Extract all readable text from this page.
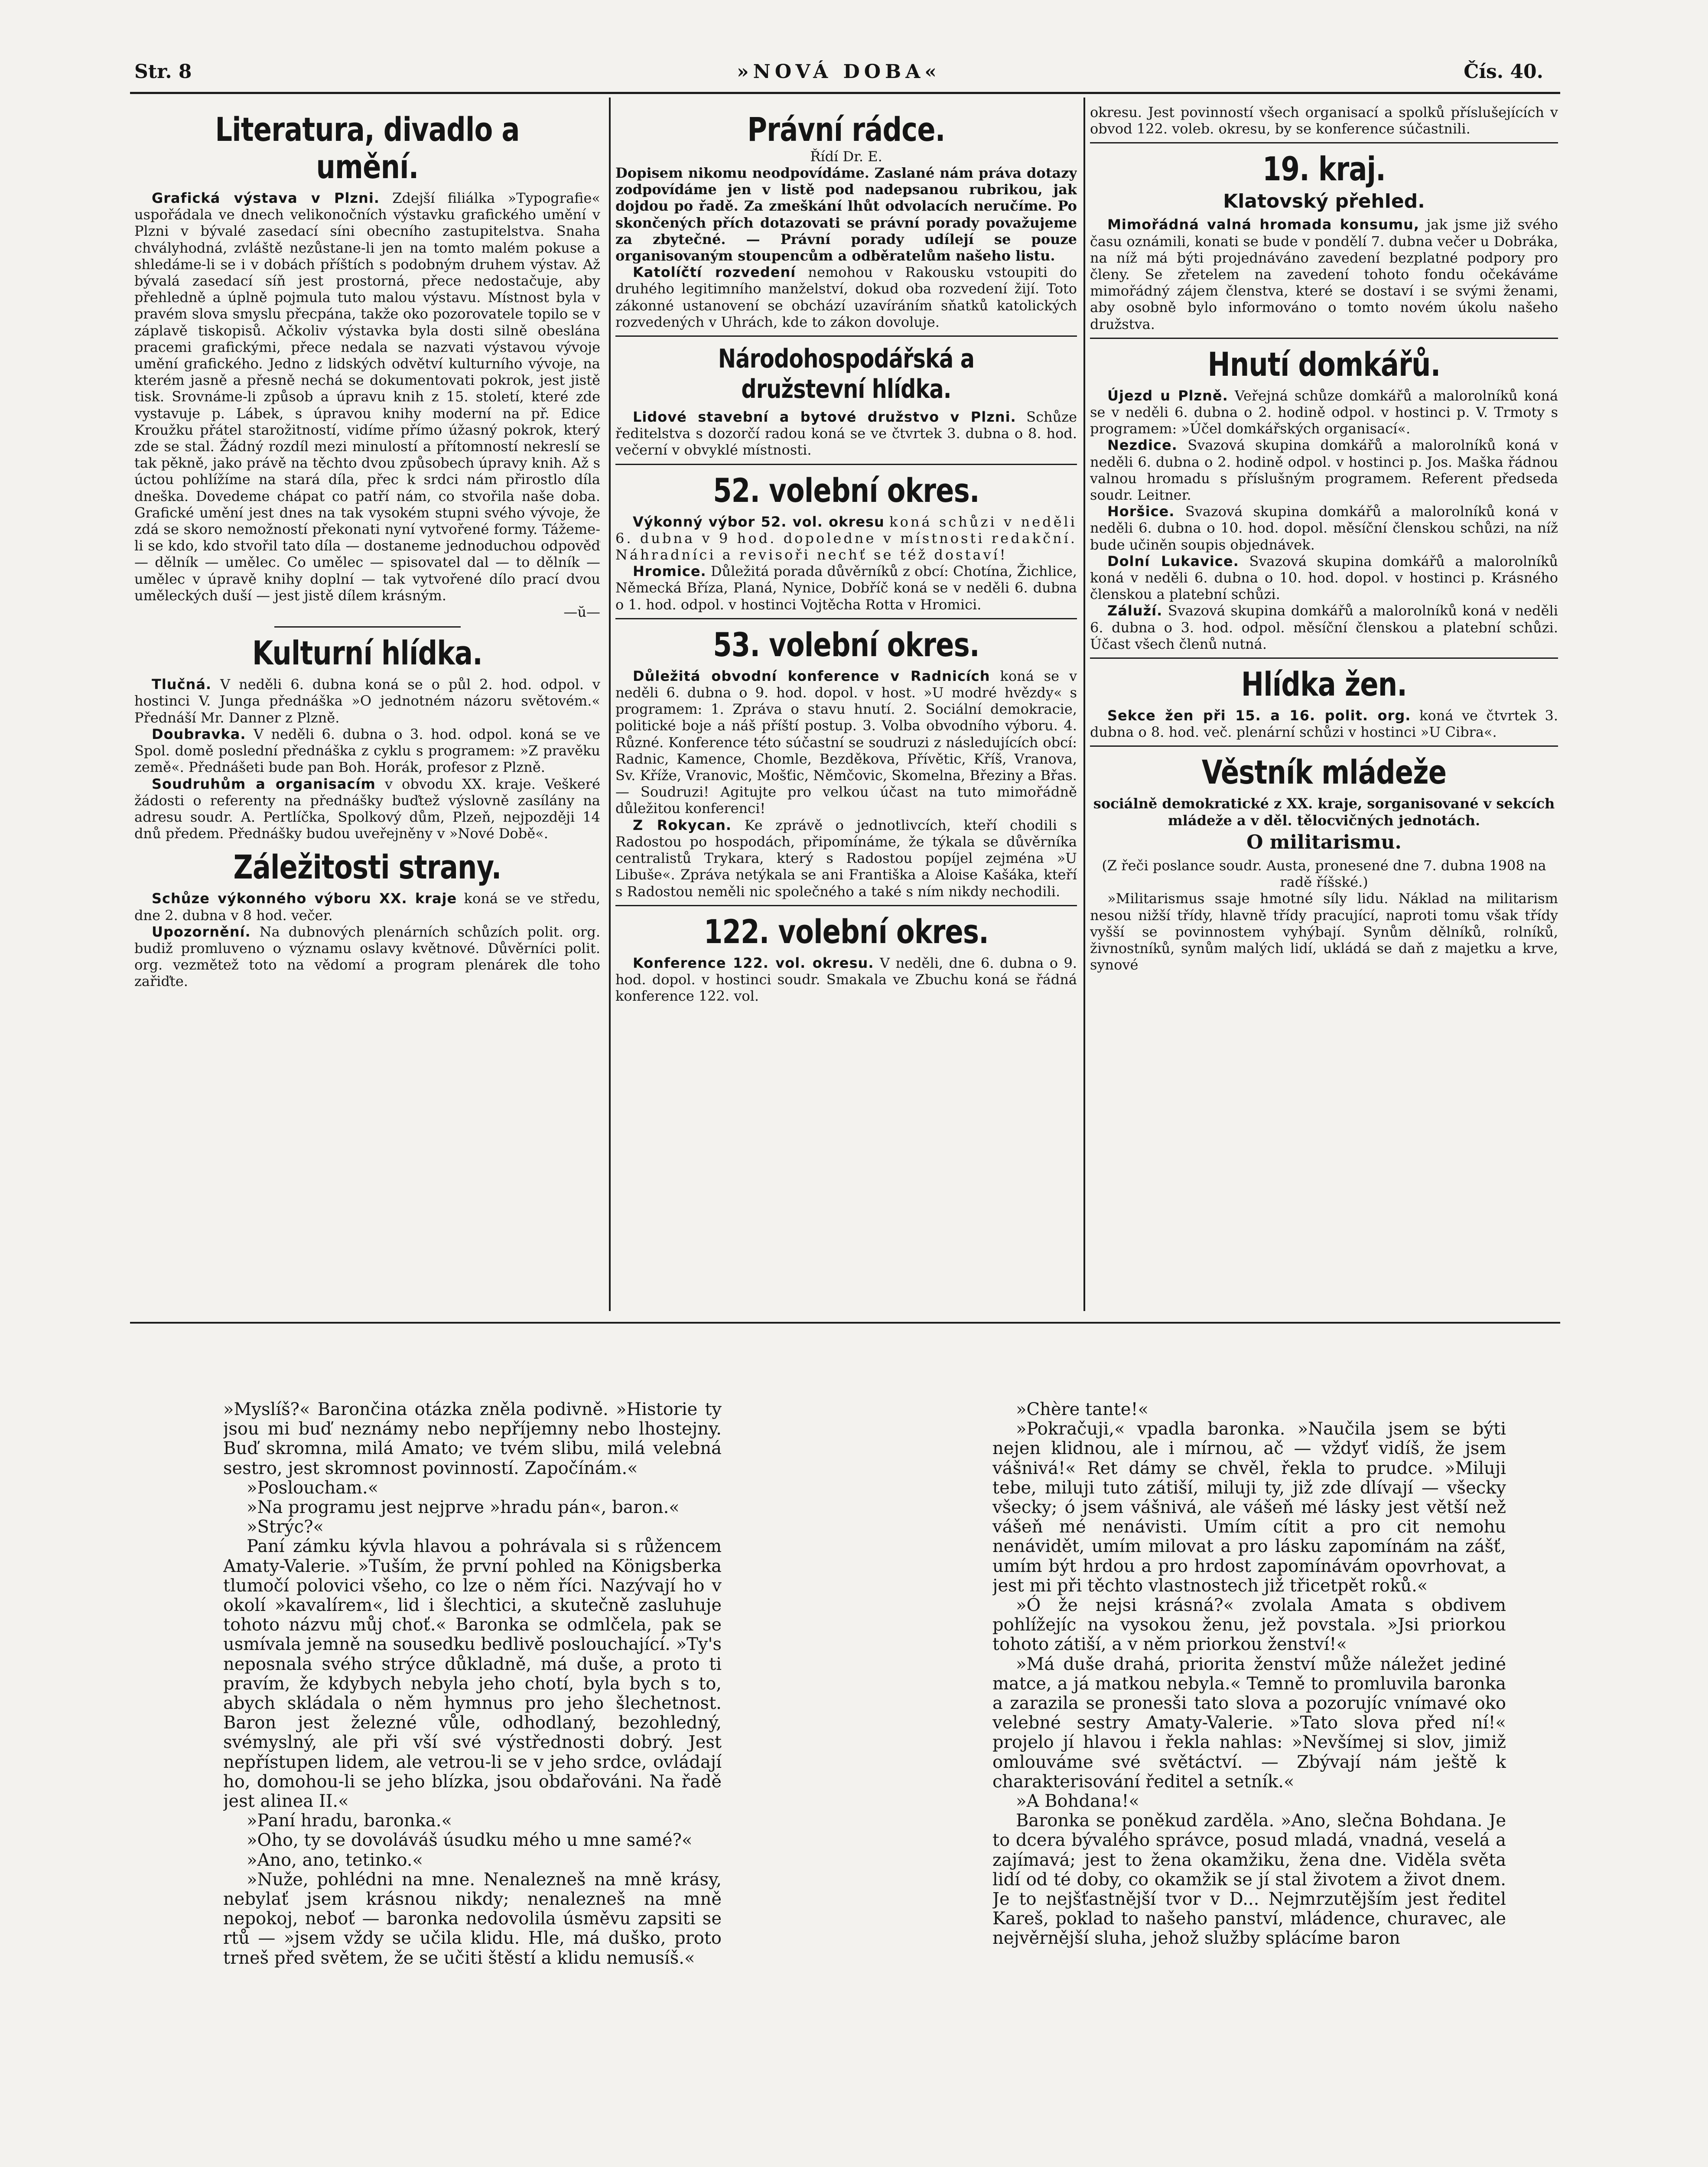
Str. 8	»NOVÁ DOBA«	Čís. 40.
Literatura, divadlo a umění.

Grafická výstava v Plzni. Zdejší filiálka »Typografie« uspořádala ve dnech velikonočních výstavku grafického umění v Plzni v bývalé zasedací síni obecního zastupitelstva. Snaha chvályhodná, zvláště nezůstane-li jen na tomto malém pokuse a shledáme-li se i v dobách příštích s podobným druhem výstav. Až bývalá zasedací síň jest prostorná, přece nedostačuje, aby přehledně a úplně pojmula tuto malou výstavu. Místnost byla v pravém slova smyslu přecpána, takže oko pozorovatele topilo se v záplavě tiskopisů. Ačkoliv výstavka byla dosti silně obeslána pracemi grafickými, přece nedala se nazvati výstavou vývoje umění grafického. Jedno z lidských odvětví kulturního vývoje, na kterém jasně a přesně nechá se dokumentovati pokrok, jest jistě tisk. Srovnáme-li způsob a úpravu knih z 15. století, které zde vystavuje p. Lábek, s úpravou knihy moderní na př. Edice Kroužku přátel starožitností, vidíme přímo úžasný pokrok, který zde se stal. Žádný rozdíl mezi minulostí a přítomností nekreslí se tak pěkně, jako právě na těchto dvou způsobech úpravy knih. Až s úctou pohlížíme na stará díla, přec k srdci nám přirostlo díla dneška. Dovedeme chápat co patří nám, co stvořila naše doba. Grafické umění jest dnes na tak vysokém stupni svého vývoje, že zdá se skoro nemožností překonati nyní vytvořené formy. Tážeme-li se kdo, kdo stvořil tato díla — dostaneme jednoduchou odpověď — dělník — umělec. Co umělec — spisovatel dal — to dělník — umělec v úpravě knihy doplní — tak vytvořené dílo prací dvou uměleckých duší — jest jistě dílem krásným.

—ŭ—

Kulturní hlídka.

Tlučná. V neděli 6. dubna koná se o půl 2. hod. odpol. v hostinci V. Junga přednáška »O jednotném názoru světovém.« Přednáší Mr. Danner z Plzně.

Doubravka. V neděli 6. dubna o 3. hod. odpol. koná se ve Spol. domě poslední přednáška z cyklu s programem: »Z pravěku země«. Přednášeti bude pan Boh. Horák, profesor z Plzně.

Soudruhům a organisacím v obvodu XX. kraje. Veškeré žádosti o referenty na přednášky buďtež výslovně zasílány na adresu soudr. A. Pertlíčka, Spolkový dům, Plzeň, nejpozději 14 dnů předem. Přednášky budou uveřejněny v »Nové Době«.

Záležitosti strany.

Schůze výkonného výboru XX. kraje koná se ve středu, dne 2. dubna v 8 hod. večer.

Upozornění. Na dubnových plenárních schůzích polit. org. budiž promluveno o významu oslavy květnové. Důvěrníci polit. org. vezmětež toto na vědomí a program plenárek dle toho zařiďte.

Právní rádce.
Řídí Dr. E.

Dopisem nikomu neodpovídáme. Zaslané nám práva dotazy zodpovídáme jen v listě pod nadepsanou rubrikou, jak dojdou po řadě. Za zmeškání lhůt odvolacích neručíme. Po skončených přích dotazovati se právní porady považujeme za zbytečné. — Právní porady udílejí se pouze organisovaným stoupencům a odběratelům našeho listu.

Katolíčtí rozvedení nemohou v Rakousku vstoupiti do druhého legitimního manželství, dokud oba rozvedení žijí. Toto zákonné ustanovení se obchází uzavíráním sňatků katolických rozvedených v Uhrách, kde to zákon dovoluje.

Národohospodářská a družstevní hlídka.

Lidové stavební a bytové družstvo v Plzni. Schůze ředitelstva s dozorčí radou koná se ve čtvrtek 3. dubna o 8. hod. večerní v obvyklé místnosti.

52. volební okres.

Výkonný výbor 52. vol. okresu koná schůzi v neděli 6. dubna v 9 hod. dopoledne v místnosti redakční. Náhradníci a revisoři nechť se též dostaví!

Hromice. Důležitá porada důvěrníků z obcí: Chotína, Žichlice, Německá Bříza, Planá, Nynice, Dobříč koná se v neděli 6. dubna o 1. hod. odpol. v hostinci Vojtěcha Rotta v Hromici.

53. volební okres.

Důležitá obvodní konference v Radnicích koná se v neděli 6. dubna o 9. hod. dopol. v host. »U modré hvězdy« s programem: 1. Zpráva o stavu hnutí. 2. Sociální demokracie, politické boje a náš příští postup. 3. Volba obvodního výboru. 4. Různé. Konference této súčastní se soudruzi z následujících obcí: Radnic, Kamence, Chomle, Bezděkova, Přívětic, Kříš, Vranova, Sv. Kříže, Vranovic, Mošťic, Němčovic, Skomelna, Březiny a Břas. — Soudruzi! Agitujte pro velkou účast na tuto mimořádně důležitou konferenci!

Z Rokycan. Ke zprávě o jednotlivcích, kteří chodili s Radostou po hospodách, připomínáme, že týkala se důvěrníka centralistů Trykara, který s Radostou popíjel zejména »U Libuše«. Zpráva netýkala se ani Františka a Aloise Kašáka, kteří s Radostou neměli nic společného a také s ním nikdy nechodili.

122. volební okres.

Konference 122. vol. okresu. V neděli, dne 6. dubna o 9. hod. dopol. v hostinci soudr. Smakala ve Zbuchu koná se řádná konference 122. vol.

okresu. Jest povinností všech organisací a spolků příslušejících v obvod 122. voleb. okresu, by se konference súčastnili.

19. kraj.
Klatovský přehled.

Mimořádná valná hromada konsumu, jak jsme již svého času oznámili, konati se bude v pondělí 7. dubna večer u Dobráka, na níž má býti projednáváno zavedení bezplatné podpory pro členy. Se zřetelem na zavedení tohoto fondu očekáváme mimořádný zájem členstva, které se dostaví i se svými ženami, aby osobně bylo informováno o tomto novém úkolu našeho družstva.

Hnutí domkářů.

Újezd u Plzně. Veřejná schůze domkářů a malorolníků koná se v neděli 6. dubna o 2. hodině odpol. v hostinci p. V. Trmoty s programem: »Účel domkářských organisací«.

Nezdice. Svazová skupina domkářů a malorolníků koná v neděli 6. dubna o 2. hodině odpol. v hostinci p. Jos. Maška řádnou valnou hromadu s příslušným programem. Referent předseda soudr. Leitner.

Horšice. Svazová skupina domkářů a malorolníků koná v neděli 6. dubna o 10. hod. dopol. měsíční členskou schůzi, na níž bude učiněn soupis objednávek.

Dolní Lukavice. Svazová skupina domkářů a malorolníků koná v neděli 6. dubna o 10. hod. dopol. v hostinci p. Krásného členskou a platební schůzi.

Záluží. Svazová skupina domkářů a malorolníků koná v neděli 6. dubna o 3. hod. odpol. měsíční členskou a platební schůzi. Účast všech členů nutná.

Hlídka žen.

Sekce žen při 15. a 16. polit. org. koná ve čtvrtek 3. dubna o 8. hod. več. plenární schůzi v hostinci »U Cibra«.

Věstník mládeže

sociálně demokratické z XX. kraje, sorganisované v sekcích mládeže a v děl. tělocvičných jednotách.

O militarismu.

(Z řeči poslance soudr. Austa, pronesené dne 7. dubna 1908 na radě říšské.)

»Militarismus ssaje hmotné síly lidu. Náklad na militarism nesou nižší třídy, hlavně třídy pracující, naproti tomu však třídy vyšší se povinnostem vyhýbají. Synům dělníků, rolníků, živnostníků, synům malých lidí, ukládá se daň z majetku a krve, synové

»Myslíš?« Barončina otázka zněla podivně. »Historie ty jsou mi buď neznámy nebo nepříjemny nebo lhostejny. Buď skromna, milá Amato; ve tvém slibu, milá velebná sestro, jest skromnost povinností. Započínám.«

»Posloucham.«

»Na programu jest nejprve »hradu pán«, baron.«

»Strýc?«

Paní zámku kývla hlavou a pohrávala si s růžencem Amaty-Valerie. »Tuším, že první pohled na Königsberka tlumočí polovici všeho, co lze o něm říci. Nazývají ho v okolí »kavalírem«, lid i šlechtici, a skutečně zasluhuje tohoto názvu můj choť.« Baronka se odmlčela, pak se usmívala jemně na sousedku bedlivě poslouchající. »Ty's neposnala svého strýce důkladně, má duše, a proto ti pravím, že kdybych nebyla jeho chotí, byla bych s to, abych skládala o něm hymnus pro jeho šlechetnost. Baron jest železné vůle, odhodlaný, bezohledný, svémyslný, ale při vší své výstřednosti dobrý. Jest nepřístupen lidem, ale vetrou-li se v jeho srdce, ovládají ho, domohou-li se jeho blízka, jsou obdařováni. Na řadě jest alinea II.«

»Paní hradu, baronka.«

»Oho, ty se dovoláváš úsudku mého u mne samé?«

»Ano, ano, tetinko.«

»Nuže, pohlédni na mne. Nenalezneš na mně krásy, nebylať jsem krásnou nikdy; nenalezneš na mně nepokoj, neboť — baronka nedovolila úsměvu zapsiti se rtů — »jsem vždy se učila klidu. Hle, má duško, proto trneš před světem, že se učiti štěstí a klidu nemusíš.«

»Chère tante!«

»Pokračuji,« vpadla baronka. »Naučila jsem se býti nejen klidnou, ale i mírnou, ač — vždyť vidíš, že jsem vášnivá!« Ret dámy se chvěl, řekla to prudce. »Miluji tebe, miluji tuto zátiší, miluji ty, již zde dlívají — všecky všecky; ó jsem vášnivá, ale vášeň mé lásky jest větší než vášeň mé nenávisti. Umím cítit a pro cit nemohu nenávidět, umím milovat a pro lásku zapomínám na zášť, umím být hrdou a pro hrdost zapomínávám opovrhovat, a jest mi při těchto vlastnostech již třicetpět roků.«

»Ó že nejsi krásná?« zvolala Amata s obdivem pohlížejíc na vysokou ženu, jež povstala. »Jsi priorkou tohoto zátiší, a v něm priorkou ženství!«

»Má duše drahá, priorita ženství může náležet jediné matce, a já matkou nebyla.« Temně to promluvila baronka a zarazila se pronesši tato slova a pozorujíc vnímavé oko velebné sestry Amaty-Valerie. »Tato slova před ní!« projelo jí hlavou i řekla nahlas: »Nevšímej si slov, jimiž omlouváme své světáctví. — Zbývají nám ještě k charakterisování ředitel a setník.«

»A Bohdana!«

Baronka se poněkud zarděla. »Ano, slečna Bohdana. Je to dcera bývalého správce, posud mladá, vnadná, veselá a zajímavá; jest to žena okamžiku, žena dne. Viděla světa lidí od té doby, co okamžik se jí stal životem a život dnem. Je to nejšťastnější tvor v D... Nejmrzutějším jest ředitel Kareš, poklad to našeho panství, mládence, churavec, ale nejvěrnější sluha, jehož služby splácíme baron
